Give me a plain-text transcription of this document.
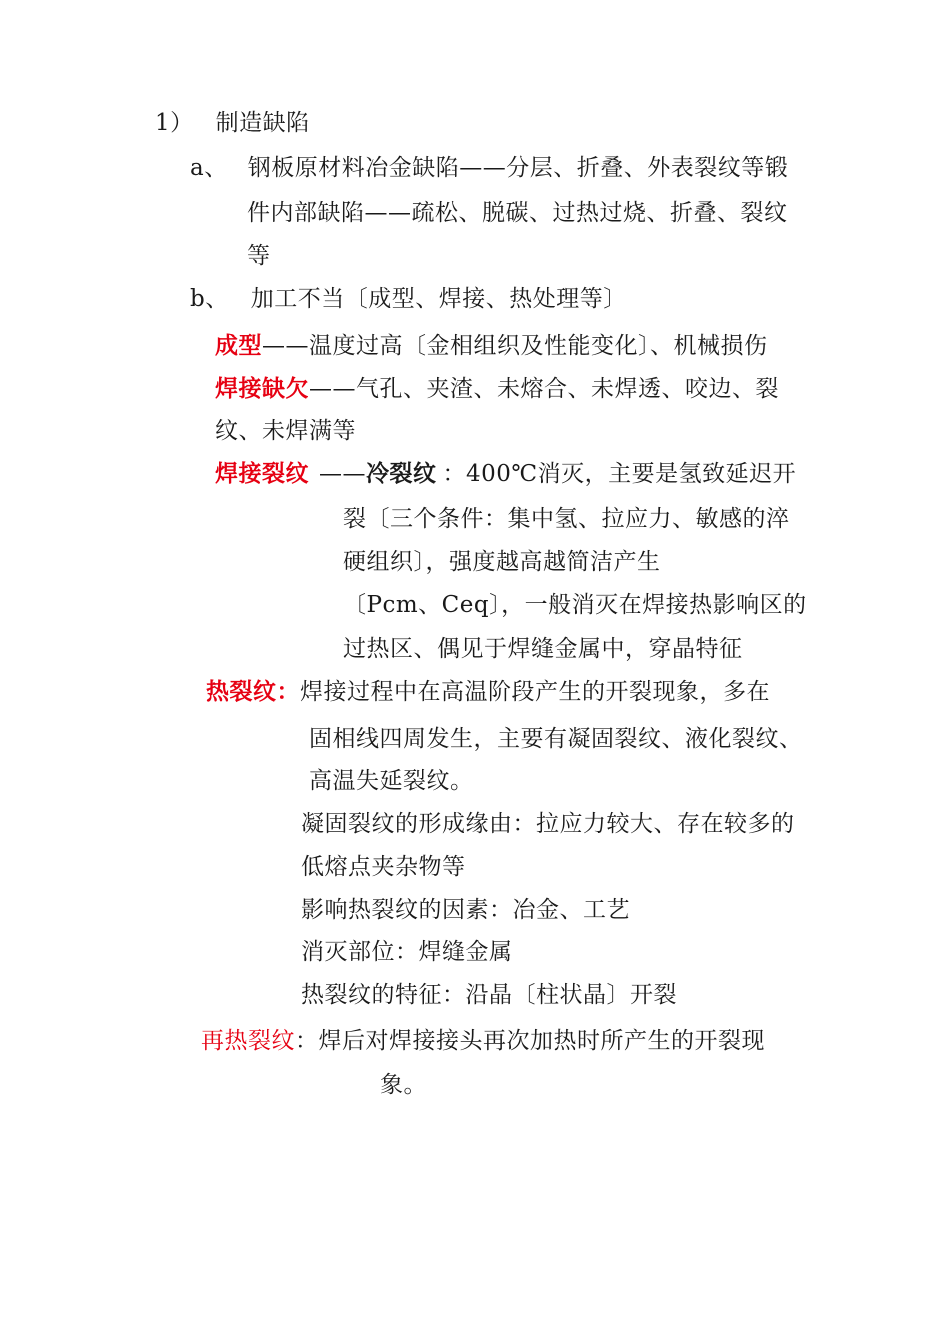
1） 制造缺陷
a、 钢板原材料冶金缺陷——分层、折叠、外表裂纹等锻
件内部缺陷——疏松、脱碳、过热过烧、折叠、裂纹
等
b、 加工不当〔成型、焊接、热处理等〕
成型——温度过高〔金相组织及性能变化〕、机械损伤
焊接缺欠——气孔、夹渣、未熔合、未焊透、咬边、裂
纹、未焊满等
焊接裂纹 ——冷裂纹 ：400℃消灭，主要是氢致延迟开
裂〔三个条件：集中氢、拉应力、敏感的淬
硬组织〕，强度越高越简洁产生
〔Pcm、Ceq〕，一般消灭在焊接热影响区的
过热区、偶见于焊缝金属中，穿晶特征
热裂纹：焊接过程中在高温阶段产生的开裂现象，多在
固相线四周发生，主要有凝固裂纹、液化裂纹、
高温失延裂纹。
凝固裂纹的形成缘由：拉应力较大、存在较多的
低熔点夹杂物等
影响热裂纹的因素：冶金、工艺
消灭部位：焊缝金属
热裂纹的特征：沿晶〔柱状晶〕开裂
再热裂纹：焊后对焊接接头再次加热时所产生的开裂现
象。
